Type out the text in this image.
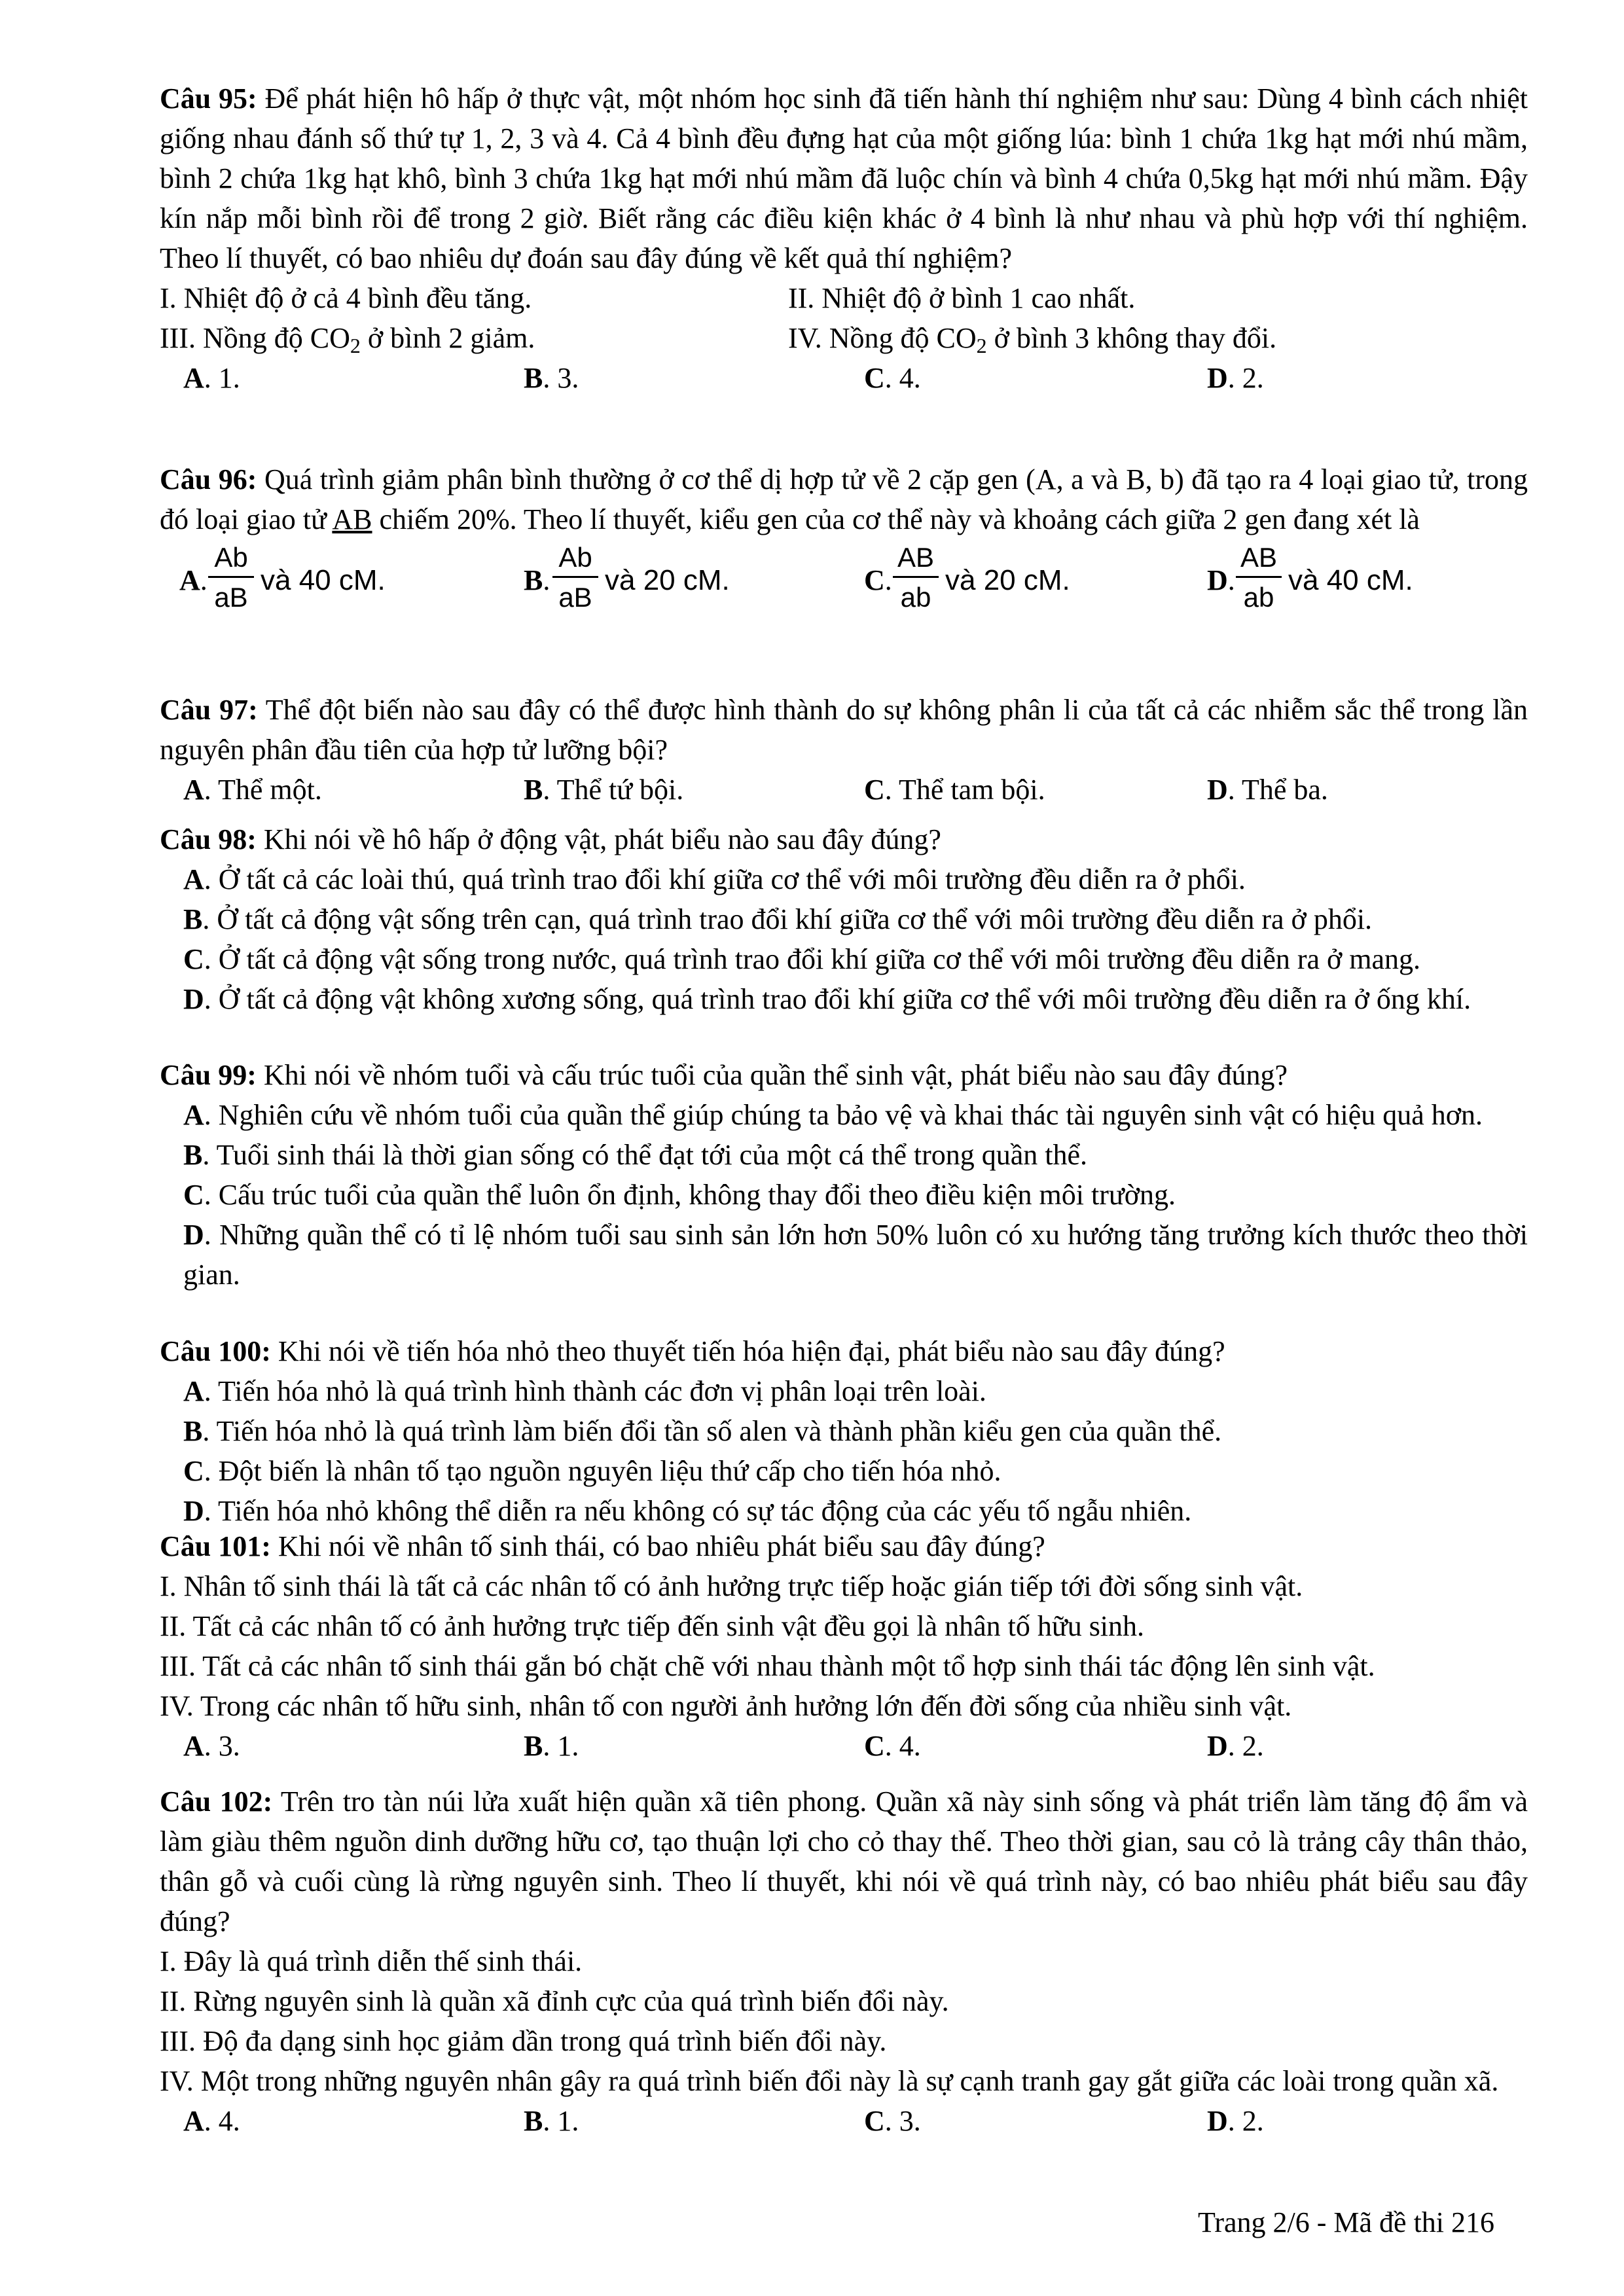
Câu 95: Để phát hiện hô hấp ở thực vật, một nhóm học sinh đã tiến hành thí nghiệm như sau: Dùng 4 bình cách nhiệt giống nhau đánh số thứ tự 1, 2, 3 và 4. Cả 4 bình đều đựng hạt của một giống lúa: bình 1 chứa 1kg hạt mới nhú mầm, bình 2 chứa 1kg hạt khô, bình 3 chứa 1kg hạt mới nhú mầm đã luộc chín và bình 4 chứa 0,5kg hạt mới nhú mầm. Đậy kín nắp mỗi bình rồi để trong 2 giờ. Biết rằng các điều kiện khác ở 4 bình là như nhau và phù hợp với thí nghiệm. Theo lí thuyết, có bao nhiêu dự đoán sau đây đúng về kết quả thí nghiệm?

I. Nhiệt độ ở cả 4 bình đều tăng.	II. Nhiệt độ ở bình 1 cao nhất.
III. Nồng độ $CO_2$ ở bình 2 giảm.	IV. Nồng độ $CO_2$ ở bình 3 không thay đổi.
A. 1.	B. 3.	C. 4.	D. 2.

Câu 96: Quá trình giảm phân bình thường ở cơ thể dị hợp tử về 2 cặp gen (A, a và B, b) đã tạo ra 4 loại giao tử, trong đó loại giao tử AB chiếm 20%. Theo lí thuyết, kiểu gen của cơ thể này và khoảng cách giữa 2 gen đang xét là

A. $\frac{Ab}{aB}$ và 40 cM.	B. $\frac{Ab}{aB}$ và 20 cM.	C. $\frac{AB}{ab}$ và 20 cM.	D. $\frac{AB}{ab}$ và 40 cM.

Câu 97: Thể đột biến nào sau đây có thể được hình thành do sự không phân li của tất cả các nhiễm sắc thể trong lần nguyên phân đầu tiên của hợp tử lưỡng bội?

A. Thể một.	B. Thể tứ bội.	C. Thể tam bội.	D. Thể ba.

Câu 98: Khi nói về hô hấp ở động vật, phát biểu nào sau đây đúng?

A. Ở tất cả các loài thú, quá trình trao đổi khí giữa cơ thể với môi trường đều diễn ra ở phổi.

B. Ở tất cả động vật sống trên cạn, quá trình trao đổi khí giữa cơ thể với môi trường đều diễn ra ở phổi.

C. Ở tất cả động vật sống trong nước, quá trình trao đổi khí giữa cơ thể với môi trường đều diễn ra ở mang.

D. Ở tất cả động vật không xương sống, quá trình trao đổi khí giữa cơ thể với môi trường đều diễn ra ở ống khí.

Câu 99: Khi nói về nhóm tuổi và cấu trúc tuổi của quần thể sinh vật, phát biểu nào sau đây đúng?

A. Nghiên cứu về nhóm tuổi của quần thể giúp chúng ta bảo vệ và khai thác tài nguyên sinh vật có hiệu quả hơn.

B. Tuổi sinh thái là thời gian sống có thể đạt tới của một cá thể trong quần thể.

C. Cấu trúc tuổi của quần thể luôn ổn định, không thay đổi theo điều kiện môi trường.

D. Những quần thể có tỉ lệ nhóm tuổi sau sinh sản lớn hơn 50% luôn có xu hướng tăng trưởng kích thước theo thời gian.

Câu 100: Khi nói về tiến hóa nhỏ theo thuyết tiến hóa hiện đại, phát biểu nào sau đây đúng?

A. Tiến hóa nhỏ là quá trình hình thành các đơn vị phân loại trên loài.

B. Tiến hóa nhỏ là quá trình làm biến đổi tần số alen và thành phần kiểu gen của quần thể.

C. Đột biến là nhân tố tạo nguồn nguyên liệu thứ cấp cho tiến hóa nhỏ.

D. Tiến hóa nhỏ không thể diễn ra nếu không có sự tác động của các yếu tố ngẫu nhiên.

Câu 101: Khi nói về nhân tố sinh thái, có bao nhiêu phát biểu sau đây đúng?

I. Nhân tố sinh thái là tất cả các nhân tố có ảnh hưởng trực tiếp hoặc gián tiếp tới đời sống sinh vật.

II. Tất cả các nhân tố có ảnh hưởng trực tiếp đến sinh vật đều gọi là nhân tố hữu sinh.

III. Tất cả các nhân tố sinh thái gắn bó chặt chẽ với nhau thành một tổ hợp sinh thái tác động lên sinh vật.

IV. Trong các nhân tố hữu sinh, nhân tố con người ảnh hưởng lớn đến đời sống của nhiều sinh vật.

A. 3.	B. 1.	C. 4.	D. 2.

Câu 102: Trên tro tàn núi lửa xuất hiện quần xã tiên phong. Quần xã này sinh sống và phát triển làm tăng độ ẩm và làm giàu thêm nguồn dinh dưỡng hữu cơ, tạo thuận lợi cho cỏ thay thế. Theo thời gian, sau cỏ là trảng cây thân thảo, thân gỗ và cuối cùng là rừng nguyên sinh. Theo lí thuyết, khi nói về quá trình này, có bao nhiêu phát biểu sau đây đúng?

I. Đây là quá trình diễn thế sinh thái.

II. Rừng nguyên sinh là quần xã đỉnh cực của quá trình biến đổi này.

III. Độ đa dạng sinh học giảm dần trong quá trình biến đổi này.

IV. Một trong những nguyên nhân gây ra quá trình biến đổi này là sự cạnh tranh gay gắt giữa các loài trong quần xã.

A. 4.	B. 1.	C. 3.	D. 2.
Trang 2/6 - Mã đề thi 216
